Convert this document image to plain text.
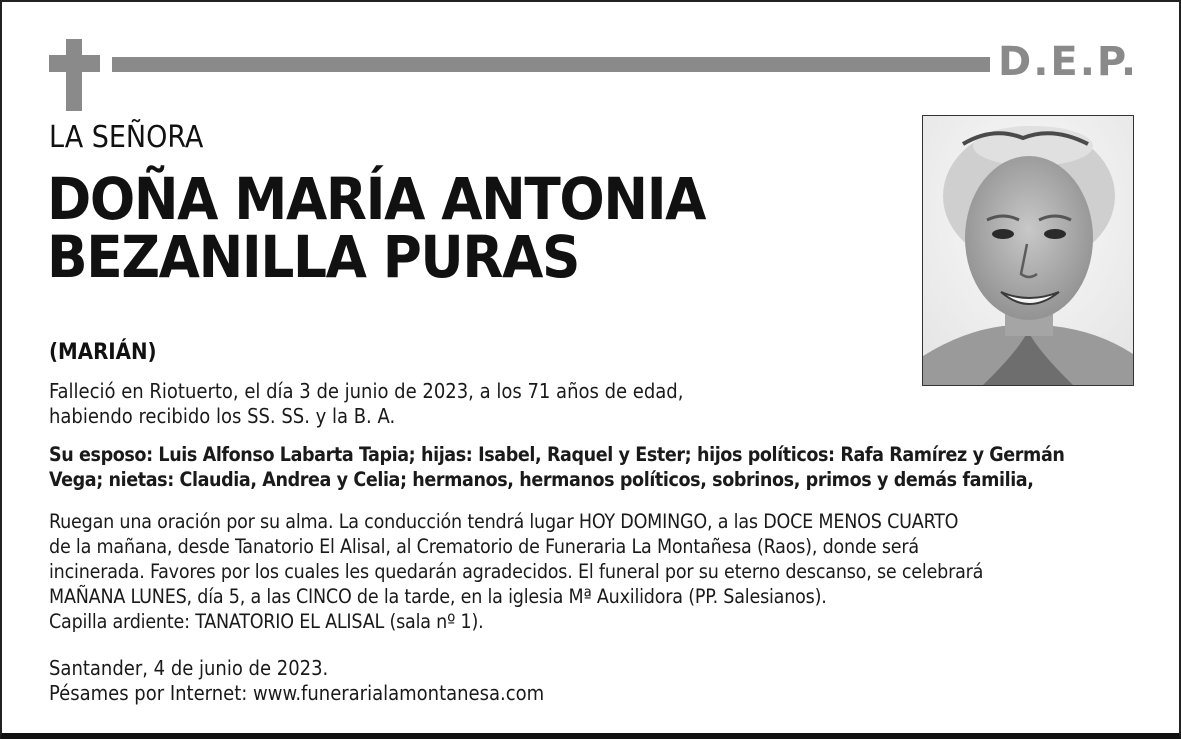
D.E.P.
LA SEÑORA
DOÑA MARÍA ANTONIA
BEZANILLA PURAS
(MARIÁN)
Falleció en Riotuerto, el día 3 de junio de 2023, a los 71 años de edad,
habiendo recibido los SS. SS. y la B. A.
Su esposo: Luis Alfonso Labarta Tapia; hijas: Isabel, Raquel y Ester; hijos políticos: Rafa Ramírez y Germán
Vega; nietas: Claudia, Andrea y Celia; hermanos, hermanos políticos, sobrinos, primos y demás familia,
Ruegan una oración por su alma. La conducción tendrá lugar HOY DOMINGO, a las DOCE MENOS CUARTO
de la mañana, desde Tanatorio El Alisal, al Crematorio de Funeraria La Montañesa (Raos), donde será
incinerada. Favores por los cuales les quedarán agradecidos. El funeral por su eterno descanso, se celebrará
MAÑANA LUNES, día 5, a las CINCO de la tarde, en la iglesia Mª Auxilidora (PP. Salesianos).
Capilla ardiente: TANATORIO EL ALISAL (sala nº 1).
Santander, 4 de junio de 2023.
Pésames por Internet: www.funerarialamontanesa.com
